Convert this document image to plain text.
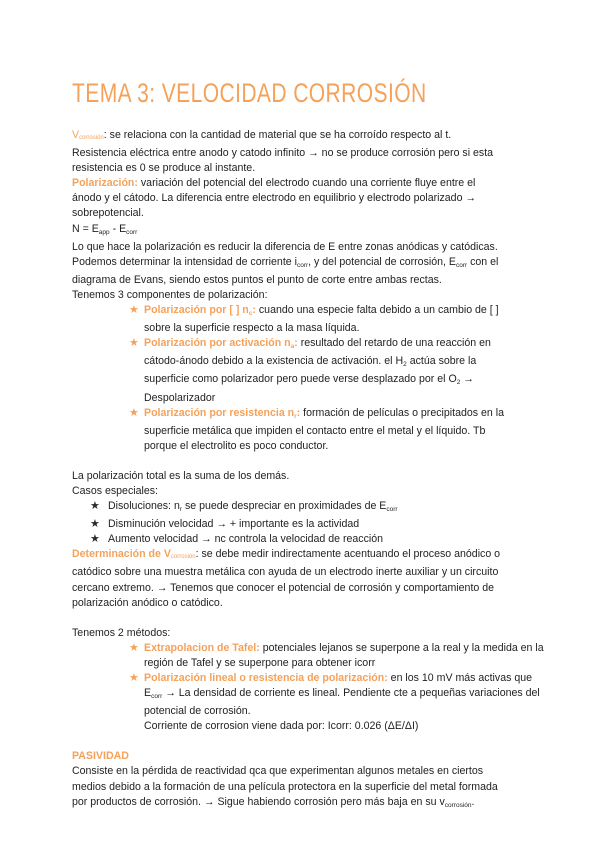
TEMA 3: VELOCIDAD CORROSIÓN
Vcorrosión: se relaciona con la cantidad de material que se ha corroído respecto al t.
Resistencia eléctrica entre anodo y catodo infinito → no se produce corrosión pero si esta
resistencia es 0 se produce al instante.
Polarización: variación del potencial del electrodo cuando una corriente fluye entre el
ánodo y el cátodo. La diferencia entre electrodo en equilibrio y electrodo polarizado →
sobrepotencial.
$N = E_{app} - E_{corr}$
Lo que hace la polarización es reducir la diferencia de E entre zonas anódicas y catódicas.
Podemos determinar la intensidad de corriente $i_{corr}$, y del potencial de corrosión, $E_{corr}$ con el
diagrama de Evans, siendo estos puntos el punto de corte entre ambas rectas.
Tenemos 3 componentes de polarización:
★ Polarización por [ ] $n_c$: cuando una especie falta debido a un cambio de [ ]
sobre la superficie respecto a la masa líquida.
★ Polarización por activación $n_a$: resultado del retardo de una reacción en
cátodo-ánodo debido a la existencia de activación. el $H_2$ actúa sobre la
superficie como polarizador pero puede verse desplazado por el $O_2$ →
Despolarizador
★ Polarización por resistencia $n_r$: formación de películas o precipitados en la
superficie metálica que impiden el contacto entre el metal y el líquido. Tb
porque el electrolito es poco conductor.
La polarización total es la suma de los demás.
Casos especiales:
★ Disoluciones: $n_r$ se puede despreciar en proximidades de $E_{corr}$
★ Disminución velocidad → + importante es la actividad
★ Aumento velocidad → nc controla la velocidad de reacción
Determinación de Vcorrosión: se debe medir indirectamente acentuando el proceso anódico o
catódico sobre una muestra metálica con ayuda de un electrodo inerte auxiliar y un circuito
cercano extremo. → Tenemos que conocer el potencial de corrosión y comportamiento de
polarización anódico o catódico.
Tenemos 2 métodos:
★ Extrapolacion de Tafel: potenciales lejanos se superpone a la real y la medida en la
región de Tafel y se superpone para obtener icorr
★ Polarización lineal o resistencia de polarización: en los 10 mV más activas que
$E_{corr} \to La$ densidad de corriente es lineal. Pendiente cte a pequeñas variaciones del
potencial de corrosión.
Corriente de corrosion viene dada por: Icorr: 0.026 (ΔE/ΔI)
PASIVIDAD
Consiste en la pérdida de reactividad qca que experimentan algunos metales en ciertos
medios debido a la formación de una película protectora en la superficie del metal formada
por productos de corrosión. → Sigue habiendo corrosión pero más baja en su $v_{corrosión}$.
